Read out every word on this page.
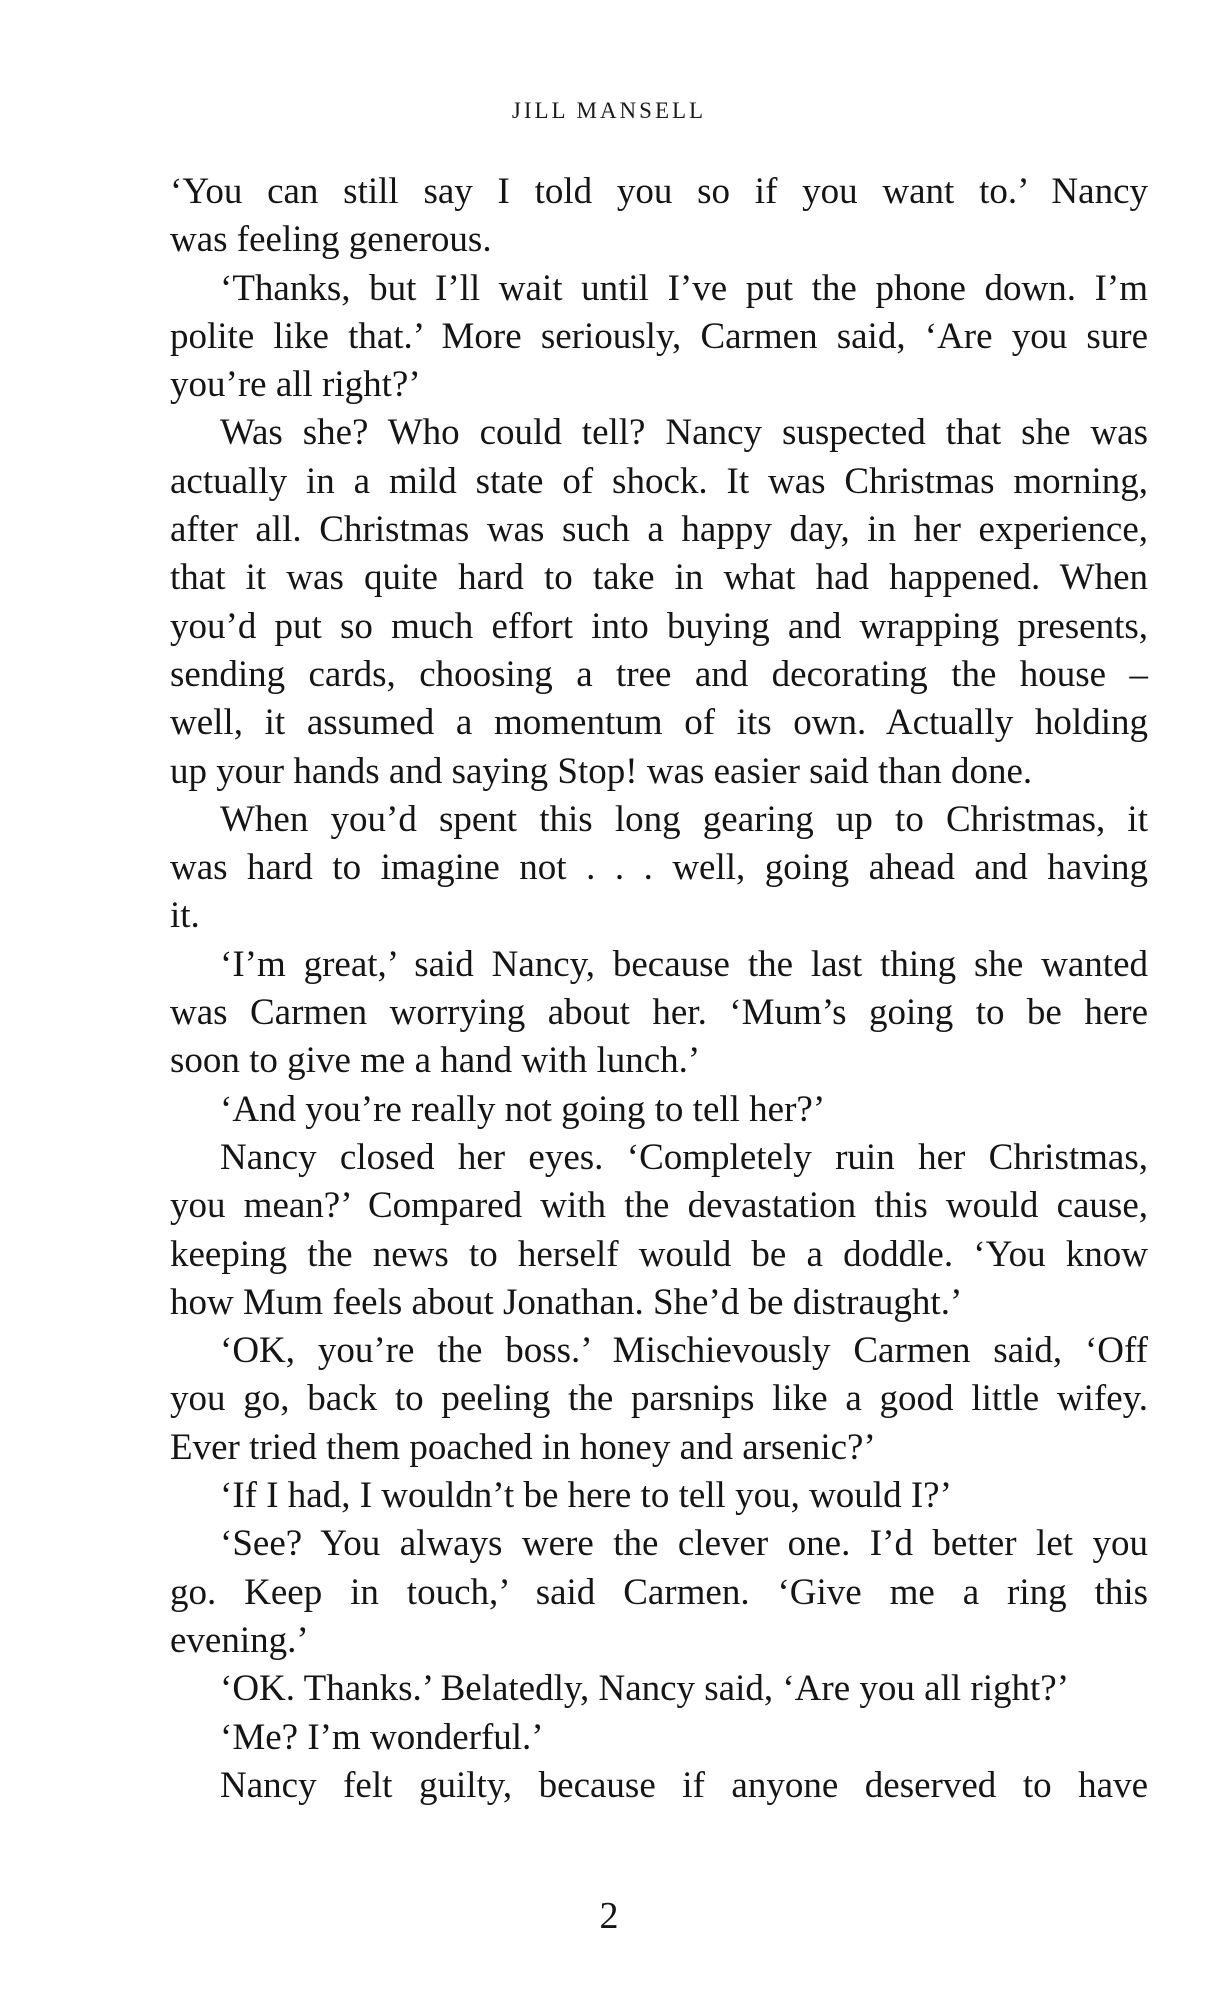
JILL MANSELL
‘You can still say I told you so if you want to.’ Nancy
was feeling generous.
‘Thanks, but I’ll wait until I’ve put the phone down. I’m
polite like that.’ More seriously, Carmen said, ‘Are you sure
you’re all right?’
Was she? Who could tell? Nancy suspected that she was
actually in a mild state of shock. It was Christmas morning,
after all. Christmas was such a happy day, in her experience,
that it was quite hard to take in what had happened. When
you’d put so much effort into buying and wrapping presents,
sending cards, choosing a tree and decorating the house –
well, it assumed a momentum of its own. Actually holding
up your hands and saying Stop! was easier said than done.
When you’d spent this long gearing up to Christmas, it
was hard to imagine not . . . well, going ahead and having
it.
‘I’m great,’ said Nancy, because the last thing she wanted
was Carmen worrying about her. ‘Mum’s going to be here
soon to give me a hand with lunch.’
‘And you’re really not going to tell her?’
Nancy closed her eyes. ‘Completely ruin her Christmas,
you mean?’ Compared with the devastation this would cause,
keeping the news to herself would be a doddle. ‘You know
how Mum feels about Jonathan. She’d be distraught.’
‘OK, you’re the boss.’ Mischievously Carmen said, ‘Off
you go, back to peeling the parsnips like a good little wifey.
Ever tried them poached in honey and arsenic?’
‘If I had, I wouldn’t be here to tell you, would I?’
‘See? You always were the clever one. I’d better let you
go. Keep in touch,’ said Carmen. ‘Give me a ring this
evening.’
‘OK. Thanks.’ Belatedly, Nancy said, ‘Are you all right?’
‘Me? I’m wonderful.’
Nancy felt guilty, because if anyone deserved to have
2
